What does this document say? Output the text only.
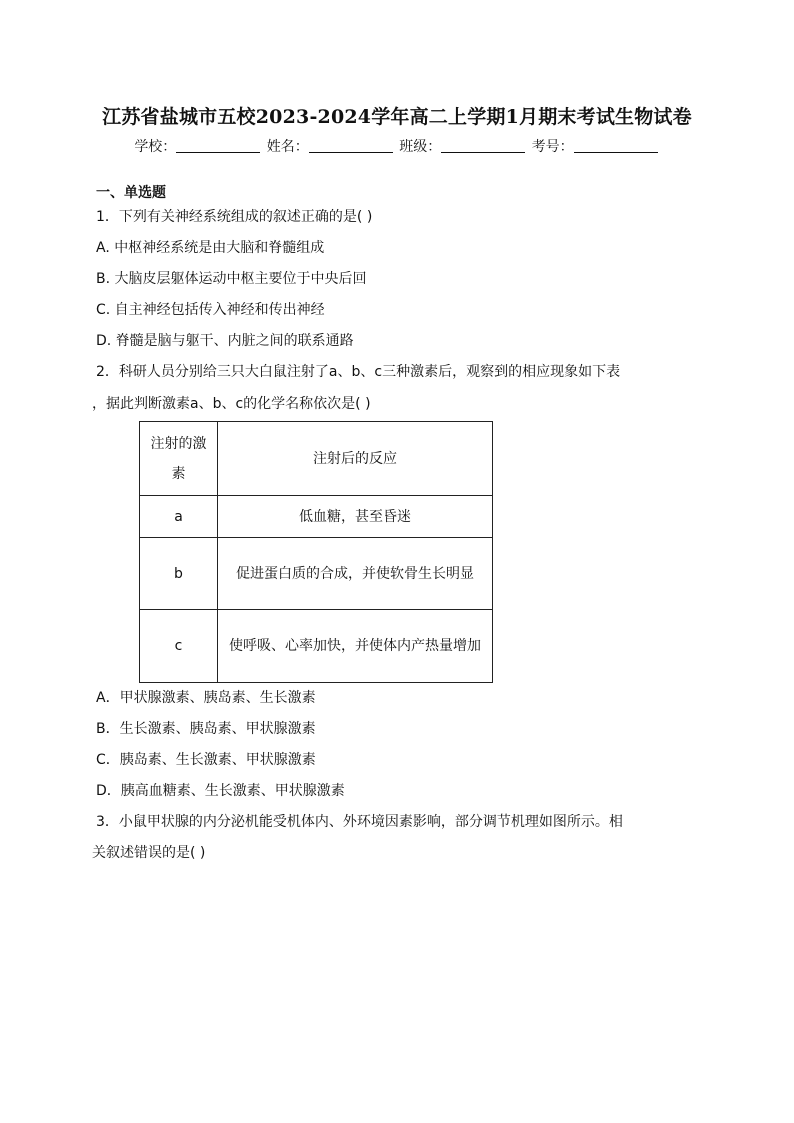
江苏省盐城市五校2023-2024学年高二上学期1月期末考试生物试卷
学校：	姓名：	班级：	考号：
一、单选题
1．下列有关神经系统组成的叙述正确的是( )
A. 中枢神经系统是由大脑和脊髓组成
B. 大脑皮层躯体运动中枢主要位于中央后回
C. 自主神经包括传入神经和传出神经
D. 脊髓是脑与躯干、内脏之间的联系通路
2．科研人员分别给三只大白鼠注射了a、b、c三种激素后，观察到的相应现象如下表
，据此判断激素a、b、c的化学名称依次是( )
注射的激素	注射后的反应
a	低血糖，甚至昏迷
b	促进蛋白质的合成，并使软骨生长明显
c	使呼吸、心率加快，并使体内产热量增加
A．甲状腺激素、胰岛素、生长激素
B．生长激素、胰岛素、甲状腺激素
C．胰岛素、生长激素、甲状腺激素
D．胰高血糖素、生长激素、甲状腺激素
3．小鼠甲状腺的内分泌机能受机体内、外环境因素影响，部分调节机理如图所示。相
关叙述错误的是( )
